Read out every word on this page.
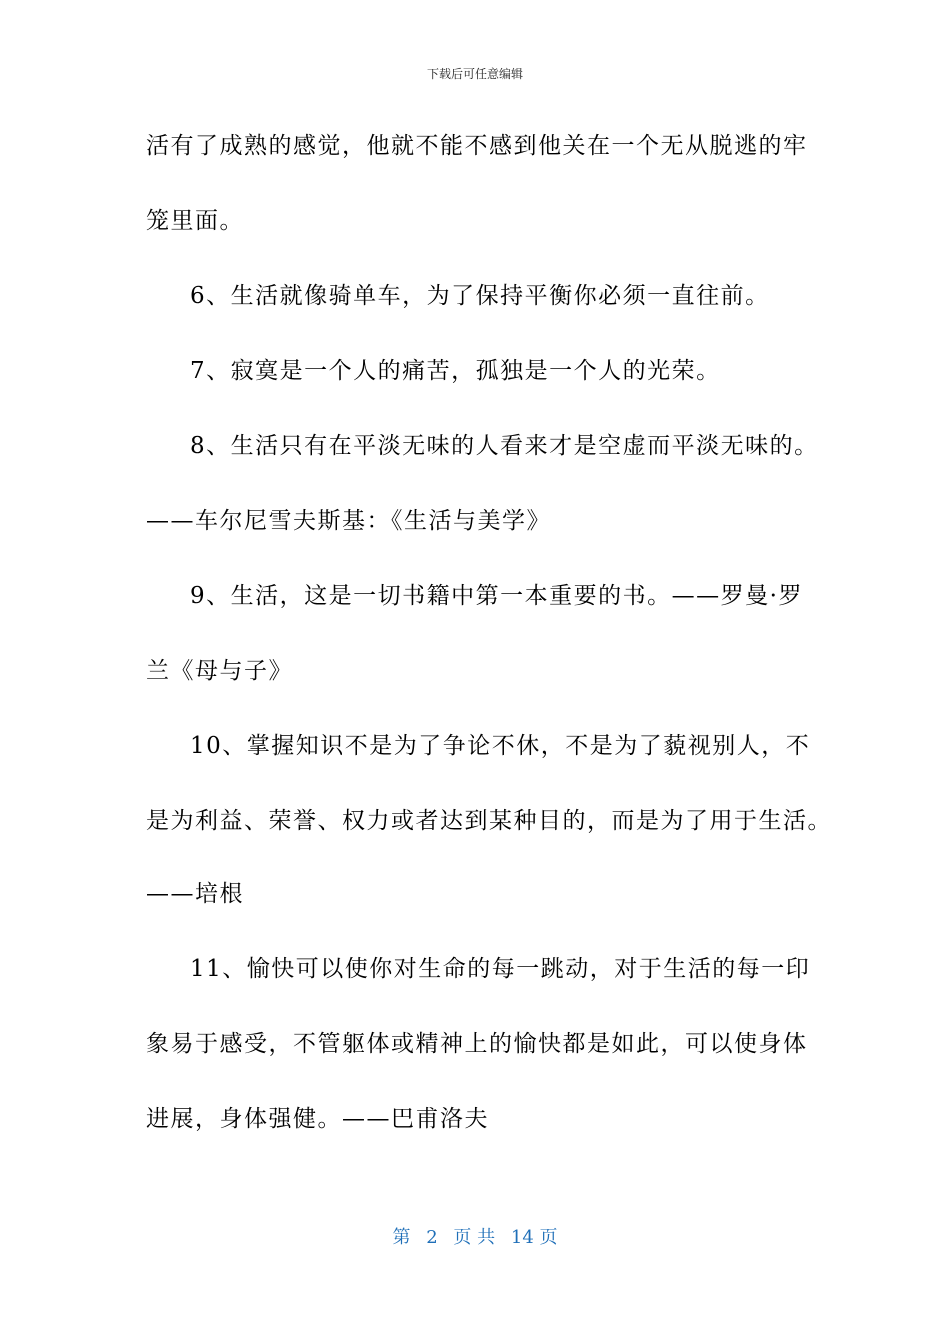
下载后可任意编辑
活有了成熟的感觉，他就不能不感到他关在一个无从脱逃的牢
笼里面。
6、生活就像骑单车，为了保持平衡你必须一直往前。
7、寂寞是一个人的痛苦，孤独是一个人的光荣。
8、生活只有在平淡无味的人看来才是空虚而平淡无味的。
——车尔尼雪夫斯基：《生活与美学》
9、生活，这是一切书籍中第一本重要的书。——罗曼·罗
兰《母与子》
10、掌握知识不是为了争论不休，不是为了藐视别人，不
是为利益、荣誉、权力或者达到某种目的，而是为了用于生活。
——培根
11、愉快可以使你对生命的每一跳动，对于生活的每一印
象易于感受，不管躯体或精神上的愉快都是如此，可以使身体
进展，身体强健。——巴甫洛夫
第 2 页 共 14 页
